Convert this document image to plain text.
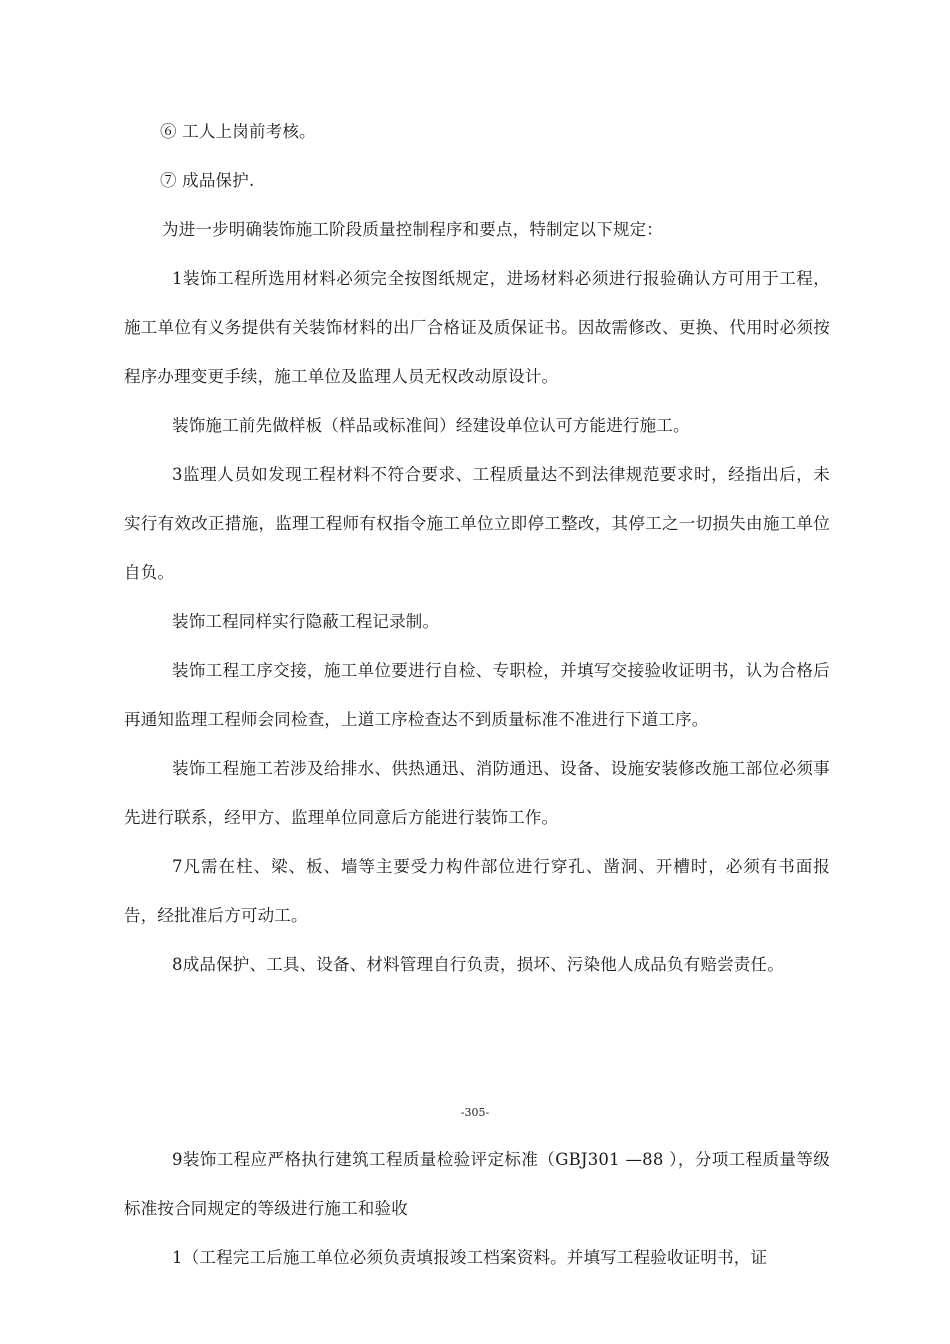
⑥ 工人上岗前考核。

⑦ 成品保护.

为进一步明确装饰施工阶段质量控制程序和要点，特制定以下规定：

1装饰工程所选用材料必须完全按图纸规定，进场材料必须进行报验确认方可用于工程，施工单位有义务提供有关装饰材料的出厂合格证及质保证书。因故需修改、更换、代用时必须按程序办理变更手续，施工单位及监理人员无权改动原设计。

装饰施工前先做样板（样品或标准间）经建设单位认可方能进行施工。

3监理人员如发现工程材料不符合要求、工程质量达不到法律规范要求时，经指出后，未实行有效改正措施，监理工程师有权指令施工单位立即停工整改，其停工之一切损失由施工单位自负。

装饰工程同样实行隐蔽工程记录制。

装饰工程工序交接，施工单位要进行自检、专职检，并填写交接验收证明书，认为合格后再通知监理工程师会同检查，上道工序检查达不到质量标准不准进行下道工序。

装饰工程施工若涉及给排水、供热通迅、消防通迅、设备、设施安装修改施工部位必须事先进行联系，经甲方、监理单位同意后方能进行装饰工作。

7凡需在柱、梁、板、墙等主要受力构件部位进行穿孔、凿洞、开槽时，必须有书面报告，经批准后方可动工。

8成品保护、工具、设备、材料管理自行负责，损坏、污染他人成品负有赔尝责任。

-305-

9装饰工程应严格执行建筑工程质量检验评定标准（GBJ301 —88 ），分项工程质量等级标准按合同规定的等级进行施工和验收

1（工程完工后施工单位必须负责填报竣工档案资料。并填写工程验收证明书，证
